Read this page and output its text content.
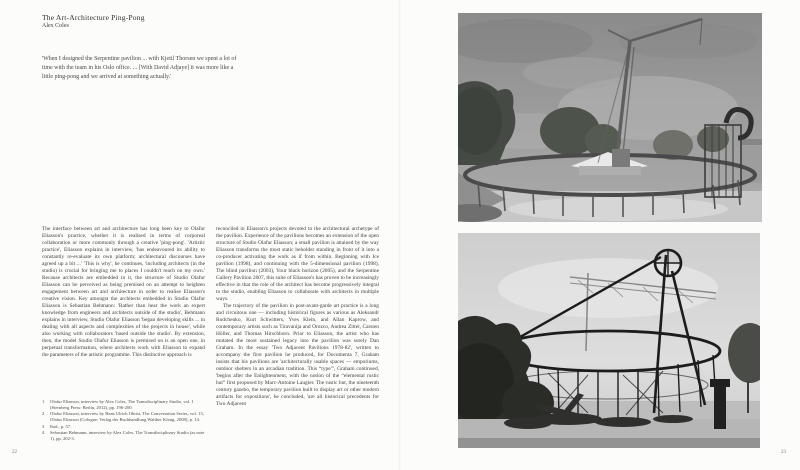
The Art-Architecture Ping-Pong
Alex Coles
'When I designed the Serpentine pavilion ... with Kjetil Thorsen we spent a lot of time with the team in his Oslo office. ... [With David Adjaye] it was more like a little ping-pong and we arrived at something actually.'

The interface between art and architecture has long been key to Olafur Eliasson's practice, whether it is realised in terms of corporeal collaboration or more commonly through a creative 'ping-pong'. 'Artistic practice', Eliasson explains in interview, 'has endeavoured its ability to constantly re-evaluate its own platform; architectural discourses have agreed up a bit ...' 'This is why', he continues, 'including architects (in the studio) is crucial for bringing me to places I couldn't reach on my own.' Because architects are embedded in it, the structure of Studio Olafur Eliasson can be perceived as being premised on an attempt to heighten engagement between art and architecture in order to realise Eliasson's creative vision. Key amongst the architects embedded in Studio Olafur Eliasson is Sebastian Behmann: 'Rather than hear the work an expert knowledge from engineers and architects outside of the studio', Behmann explains in interview, Studio Olafur Eliasson 'began developing skills ... in dealing with all aspects and complexities of the projects in house', while also working with collaborators 'based outside the studio'. By extension, then, the model Studio Olafur Eliasson is premised on is an open one, in perpetual transformation, where architects work with Eliasson to expand the parameters of the artistic programme. This distinctive approach is

reconciled in Eliasson's projects devoted to the architectural archetype of the pavilion. Experience of the pavilions becomes an extension of the open structure of Studio Olafur Eliasson; a small pavilion is attained by the way Eliasson transforms the most static beholder standing in front of it into a co-producer activating the work as if from within. Beginning with Ice pavilion (1998), and continuing with the 5-dimensional pavilion (1998), The blind pavilion (2003), Your black horizon (2005), and the Serpentine Gallery Pavilion 2007, this suite of Eliasson's has proven to be increasingly effective in that the role of the architect has become progressively integral to the studio, enabling Eliasson to collaborate with architects in multiple ways.

The trajectory of the pavilion in post-avant-garde art practice is a long and circuitous one — including historical figures as various as Aleksandr Rodchenko, Kurt Schwitters, Yves Klein, and Allan Kaprow, and contemporary artists such as Tiravanija and Orozco, Andrea Zittel, Carsten Höller, and Thomas Hirschhorn. Prior to Eliasson, the artist who has mutated the most sustained legacy into the pavilion was surely Dan Graham. In the essay 'Two Adjacent Pavilions 1978-82', written to accompany the first pavilion he produced, for Documenta 7, Graham insists that his pavilions are 'architecturally usable spaces — emporiums, outdoor shelters in an arcadian tradition. This “type”', Graham continued, 'begins after the Enlightenment, with the notion of the “elemental rustic hut” first proposed by Marc-Antoine Laugier. The rustic hut, the nineteenth century gazebo, the temporary pavilion built to display art or other modern artifacts for expositions', he concluded, 'are all historical precedents for Two Adjacent

1	Olafur Eliasson, interview by Alex Coles, The Transdisciplinary Studio, vol. 1 (Sternberg Press: Berlin, 2012), pp. 196-200.
2	Olafur Eliasson, interview by Hans Ulrich Obrist, The Conversation Series, vol. 13, Olafur Eliasson (Cologne: Verlag der Buchhandlung Walther König, 2008), p. 14.
3	Ibid., p. 57.
4	Sebastian Behmann, interview by Alex Coles, The Transdisciplinary Studio (as note 1), pp. 202-3.
22	23
